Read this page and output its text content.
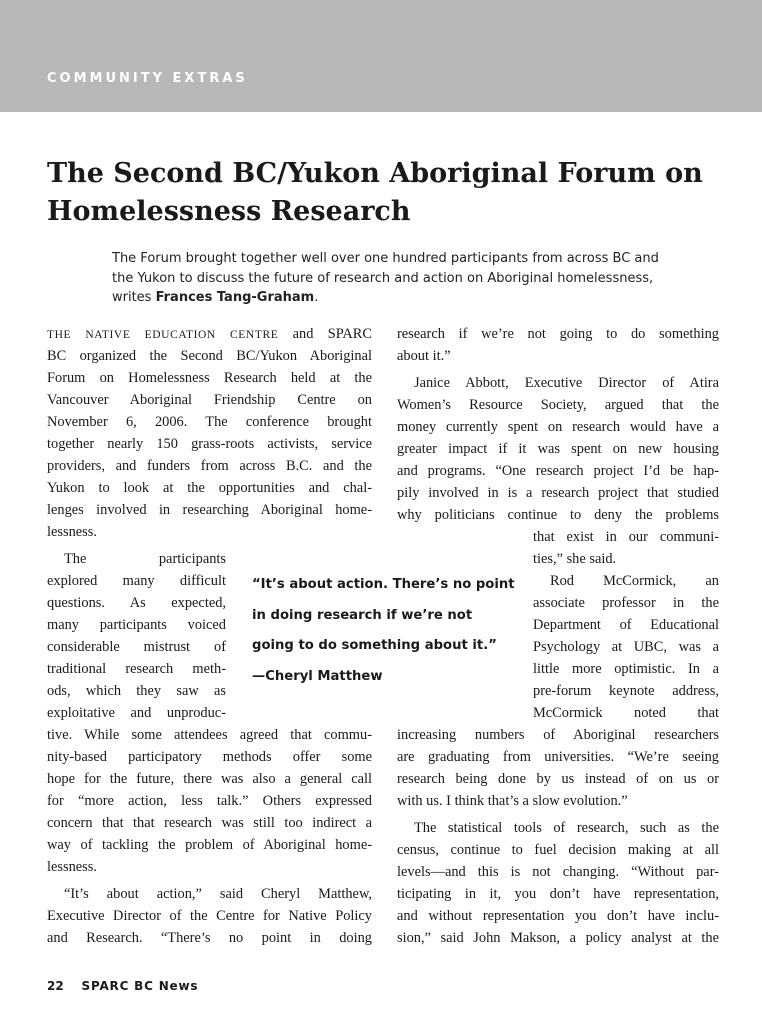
COMMUNITY EXTRAS
The Second BC/Yukon Aboriginal Forum on
Homelessness Research
The Forum brought together well over one hundred participants from across BC and
the Yukon to discuss the future of research and action on Aboriginal homelessness,
writes Frances Tang-Graham.
THE NATIVE EDUCATION CENTRE and SPARC
BC organized the Second BC/Yukon Aboriginal
Forum on Homelessness Research held at the
Vancouver Aboriginal Friendship Centre on
November 6, 2006. The conference brought
together nearly 150 grass-roots activists, service
providers, and funders from across B.C. and the
Yukon to look at the opportunities and chal-
lenges involved in researching Aboriginal home-
lessness.
The participants
explored many difficult
questions. As expected,
many participants voiced
considerable mistrust of
traditional research meth-
ods, which they saw as
exploitative and unproduc-
tive. While some attendees agreed that commu-
nity-based participatory methods offer some
hope for the future, there was also a general call
for “more action, less talk.” Others expressed
concern that that research was still too indirect a
way of tackling the problem of Aboriginal home-
lessness.
“It’s about action,” said Cheryl Matthew,
Executive Director of the Centre for Native Policy
and Research. “There’s no point in doing
research if we’re not going to do something
about it.”
Janice Abbott, Executive Director of Atira
Women’s Resource Society, argued that the
money currently spent on research would have a
greater impact if it was spent on new housing
and programs. “One research project I’d be hap-
pily involved in is a research project that studied
why politicians continue to deny the problems
that exist in our communi-
ties,” she said.
Rod McCormick, an
associate professor in the
Department of Educational
Psychology at UBC, was a
little more optimistic. In a
pre-forum keynote address,
McCormick noted that
increasing numbers of Aboriginal researchers
are graduating from universities. “We’re seeing
research being done by us instead of on us or
with us. I think that’s a slow evolution.”
The statistical tools of research, such as the
census, continue to fuel decision making at all
levels—and this is not changing. “Without par-
ticipating in it, you don’t have representation,
and without representation you don’t have inclu-
sion,” said John Makson, a policy analyst at the
“It’s about action. There’s no point
in doing research if we’re not
going to do something about it.”
—Cheryl Matthew
22 SPARC BC News
